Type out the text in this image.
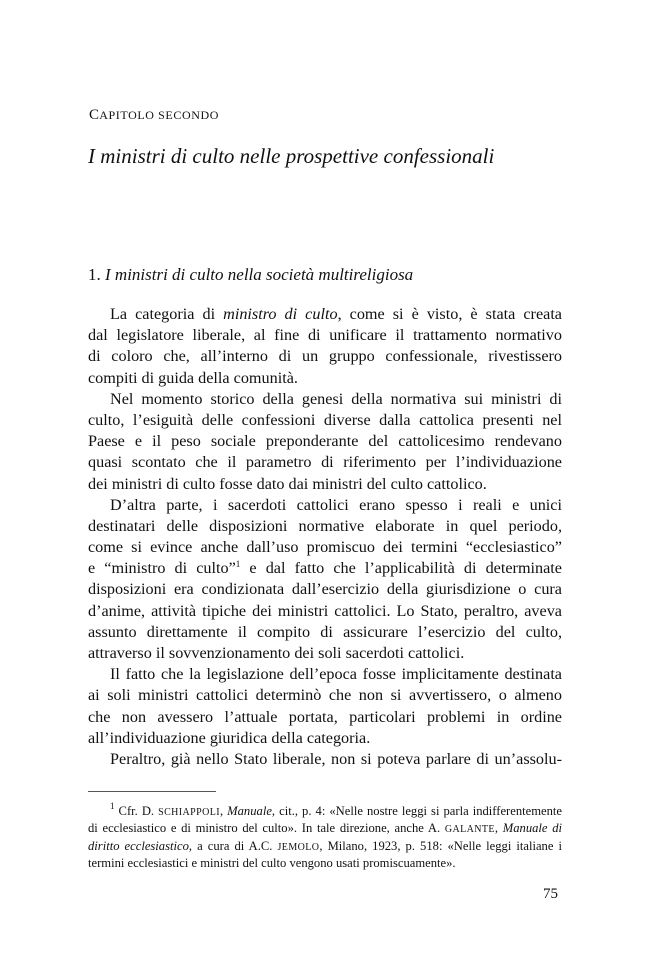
CAPITOLO SECONDO
I ministri di culto nelle prospettive confessionali
1. I ministri di culto nella società multireligiosa
La categoria di ministro di culto, come si è visto, è stata creata
dal legislatore liberale, al fine di unificare il trattamento normativo
di coloro che, all’interno di un gruppo confessionale, rivestissero
compiti di guida della comunità.
Nel momento storico della genesi della normativa sui ministri di
culto, l’esiguità delle confessioni diverse dalla cattolica presenti nel
Paese e il peso sociale preponderante del cattolicesimo rendevano
quasi scontato che il parametro di riferimento per l’individuazione
dei ministri di culto fosse dato dai ministri del culto cattolico.
D’altra parte, i sacerdoti cattolici erano spesso i reali e unici
destinatari delle disposizioni normative elaborate in quel periodo,
come si evince anche dall’uso promiscuo dei termini “ecclesiastico”
e “ministro di culto”$^1$ e dal fatto che l’applicabilità di determinate
disposizioni era condizionata dall’esercizio della giurisdizione o cura
d’anime, attività tipiche dei ministri cattolici. Lo Stato, peraltro, aveva
assunto direttamente il compito di assicurare l’esercizio del culto,
attraverso il sovvenzionamento dei soli sacerdoti cattolici.
Il fatto che la legislazione dell’epoca fosse implicitamente destinata
ai soli ministri cattolici determinò che non si avvertissero, o almeno
che non avessero l’attuale portata, particolari problemi in ordine
all’individuazione giuridica della categoria.
Peraltro, già nello Stato liberale, non si poteva parlare di un’assolu-
$^1$ Cfr. D. SCHIAPPOLI, Manuale, cit., p. 4: «Nelle nostre leggi si parla indifferentemente
di ecclesiastico e di ministro del culto». In tale direzione, anche A. GALANTE, Manuale di
diritto ecclesiastico, a cura di A.C. JEMOLO, Milano, 1923, p. 518: «Nelle leggi italiane i
termini ecclesiastici e ministri del culto vengono usati promiscuamente».
75
